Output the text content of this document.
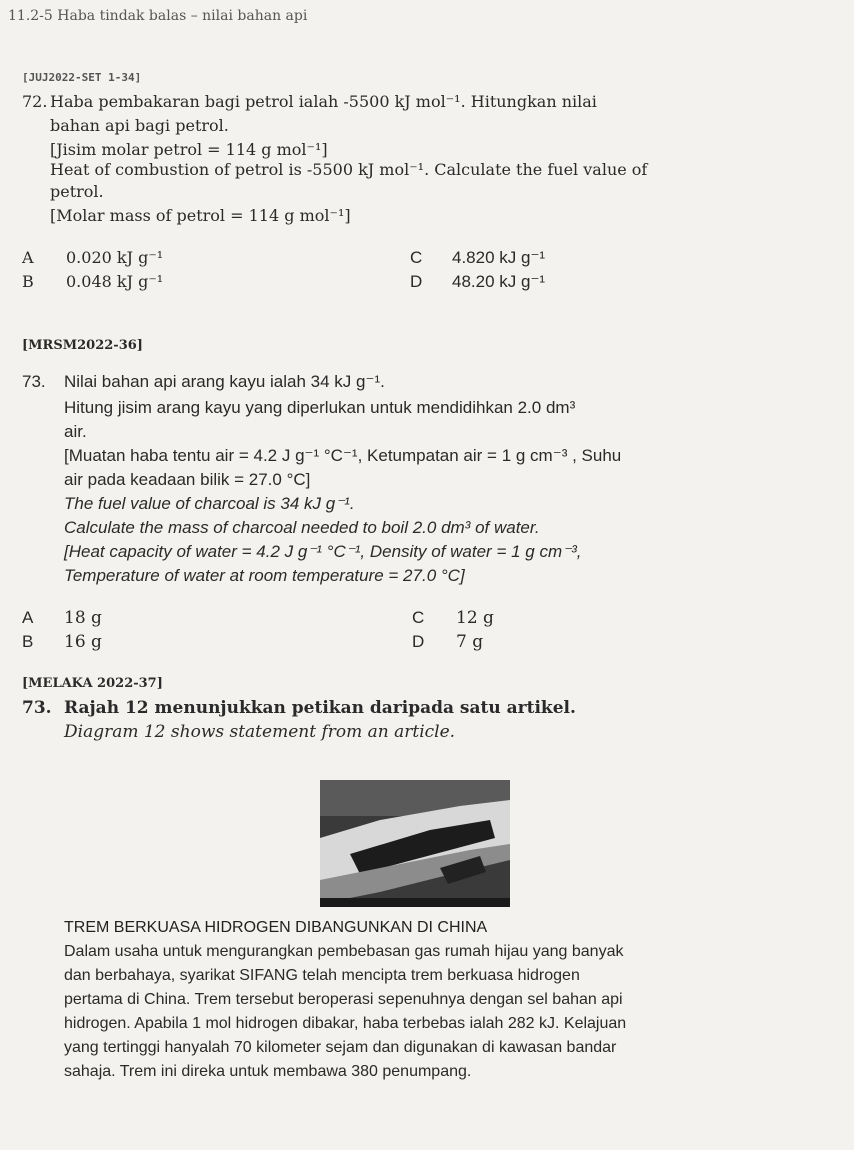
11.2-5 Haba tindak balas – nilai bahan api
[JUJ2022-SET 1-34]
72. Haba pembakaran bagi petrol ialah -5500 kJ mol⁻¹. Hitungkan nilai
bahan api bagi petrol.
[Jisim molar petrol = 114 g mol⁻¹]
Heat of combustion of petrol is -5500 kJ mol⁻¹. Calculate the fuel value of
petrol.
[Molar mass of petrol = 114 g mol⁻¹]
A 0.020 kJ g⁻¹
B 0.048 kJ g⁻¹
C 4.820 kJ g⁻¹
D 48.20 kJ g⁻¹
[MRSM2022-36]
73. Nilai bahan api arang kayu ialah 34 kJ g⁻¹.
Hitung jisim arang kayu yang diperlukan untuk mendidihkan 2.0 dm³
air.
[Muatan haba tentu air = 4.2 J g⁻¹ °C⁻¹, Ketumpatan air = 1 g cm⁻³ , Suhu
air pada keadaan bilik = 27.0 °C]
The fuel value of charcoal is 34 kJ g⁻¹.
Calculate the mass of charcoal needed to boil 2.0 dm³ of water.
[Heat capacity of water = 4.2 J g⁻¹ °C⁻¹, Density of water = 1 g cm⁻³,
Temperature of water at room temperature = 27.0 °C]
A 18 g
B 16 g
C 12 g
D 7 g
[MELAKA 2022-37]
73. Rajah 12 menunjukkan petikan daripada satu artikel.
Diagram 12 shows statement from an article.
TREM BERKUASA HIDROGEN DIBANGUNKAN DI CHINA
Dalam usaha untuk mengurangkan pembebasan gas rumah hijau yang banyak
dan berbahaya, syarikat SIFANG telah mencipta trem berkuasa hidrogen
pertama di China. Trem tersebut beroperasi sepenuhnya dengan sel bahan api
hidrogen. Apabila 1 mol hidrogen dibakar, haba terbebas ialah 282 kJ. Kelajuan
yang tertinggi hanyalah 70 kilometer sejam dan digunakan di kawasan bandar
sahaja. Trem ini direka untuk membawa 380 penumpang.
